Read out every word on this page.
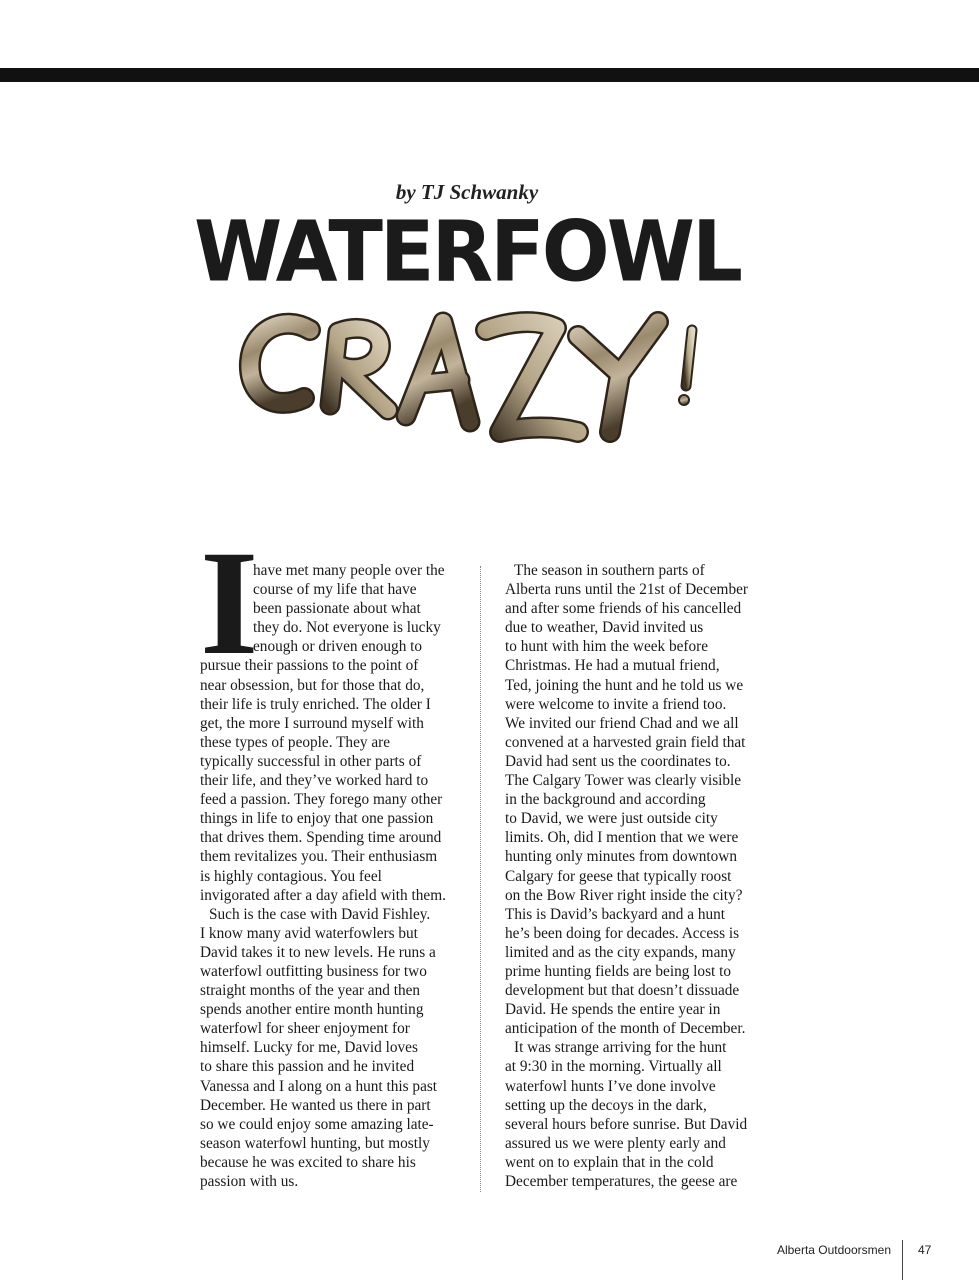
by TJ Schwanky
WATERFOWL
I
have met many people over the
course of my life that have
been passionate about what
they do. Not everyone is lucky
enough or driven enough to
pursue their passions to the point of
near obsession, but for those that do,
their life is truly enriched. The older I
get, the more I surround myself with
these types of people. They are
typically successful in other parts of
their life, and they’ve worked hard to
feed a passion. They forego many other
things in life to enjoy that one passion
that drives them. Spending time around
them revitalizes you. Their enthusiasm
is highly contagious. You feel
invigorated after a day afield with them.
Such is the case with David Fishley.
I know many avid waterfowlers but
David takes it to new levels. He runs a
waterfowl outfitting business for two
straight months of the year and then
spends another entire month hunting
waterfowl for sheer enjoyment for
himself. Lucky for me, David loves
to share this passion and he invited
Vanessa and I along on a hunt this past
December. He wanted us there in part
so we could enjoy some amazing late-
season waterfowl hunting, but mostly
because he was excited to share his
passion with us.
The season in southern parts of
Alberta runs until the 21st of December
and after some friends of his cancelled
due to weather, David invited us
to hunt with him the week before
Christmas. He had a mutual friend,
Ted, joining the hunt and he told us we
were welcome to invite a friend too.
We invited our friend Chad and we all
convened at a harvested grain field that
David had sent us the coordinates to.
The Calgary Tower was clearly visible
in the background and according
to David, we were just outside city
limits. Oh, did I mention that we were
hunting only minutes from downtown
Calgary for geese that typically roost
on the Bow River right inside the city?
This is David’s backyard and a hunt
he’s been doing for decades. Access is
limited and as the city expands, many
prime hunting fields are being lost to
development but that doesn’t dissuade
David. He spends the entire year in
anticipation of the month of December.
It was strange arriving for the hunt
at 9:30 in the morning. Virtually all
waterfowl hunts I’ve done involve
setting up the decoys in the dark,
several hours before sunrise. But David
assured us we were plenty early and
went on to explain that in the cold
December temperatures, the geese are
Alberta Outdoorsmen 47
